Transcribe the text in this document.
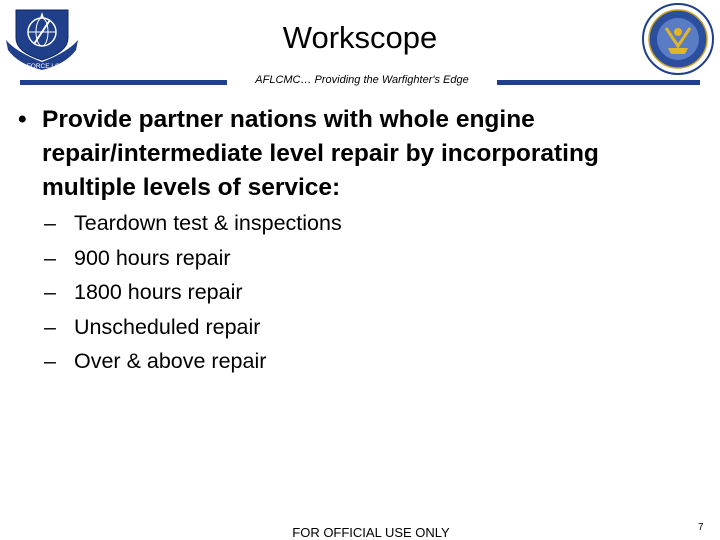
AIR FORCE LCMC
Workscope
AFLCMC… Providing the Warfighter's Edge
• Provide partner nations with whole engine repair/intermediate level repair by incorporating multiple levels of service:
– Teardown test & inspections
– 900 hours repair
– 1800 hours repair
– Unscheduled repair
– Over & above repair
FOR OFFICIAL USE ONLY	7
